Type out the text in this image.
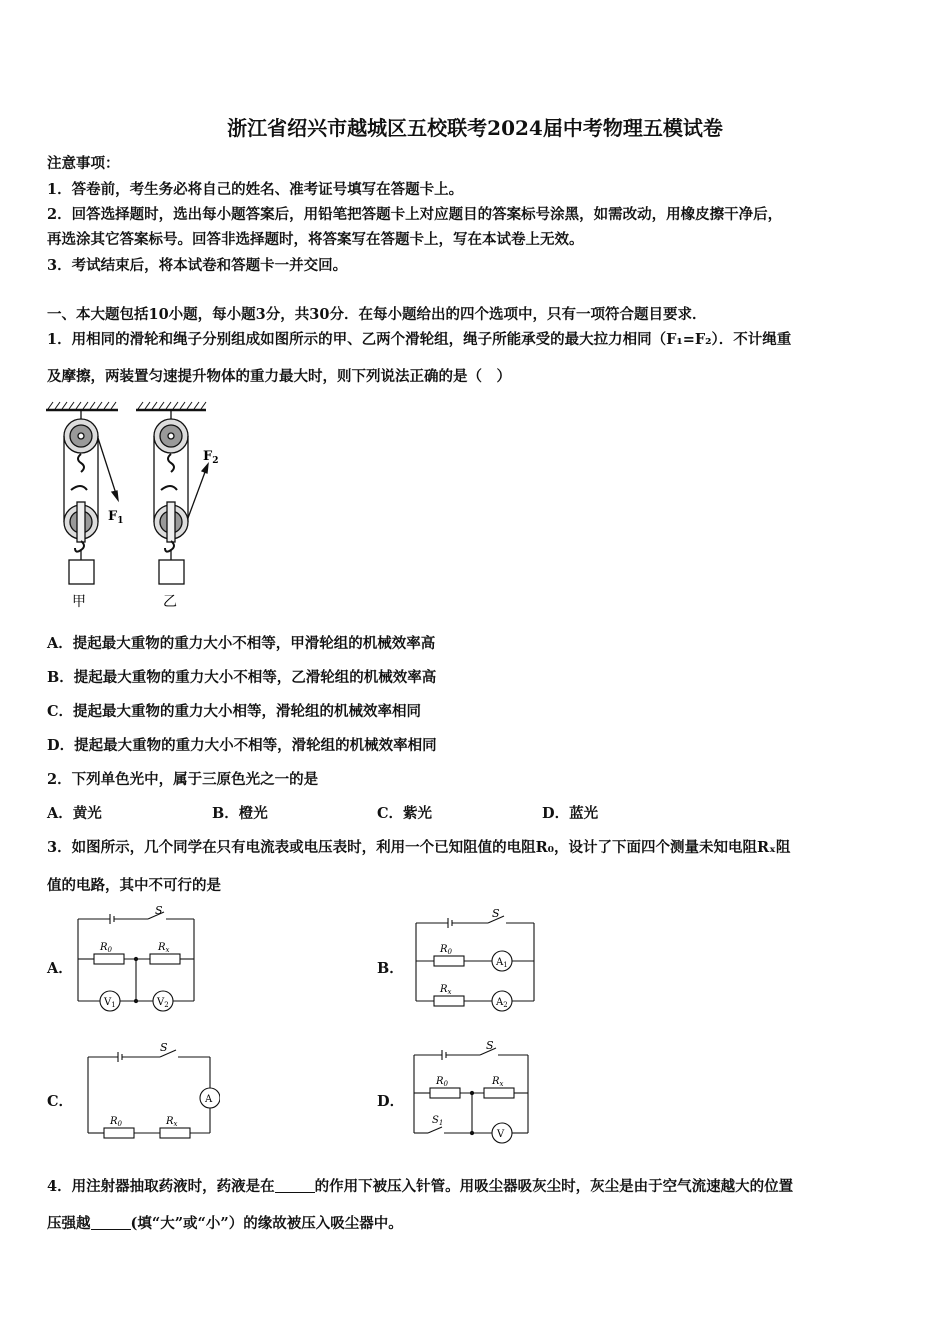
浙江省绍兴市越城区五校联考2024届中考物理五模试卷
注意事项：
1．答卷前，考生务必将自己的姓名、准考证号填写在答题卡上。
2．回答选择题时，选出每小题答案后，用铅笔把答题卡上对应题目的答案标号涂黑，如需改动，用橡皮擦干净后，
再选涂其它答案标号。回答非选择题时，将答案写在答题卡上，写在本试卷上无效。
3．考试结束后，将本试卷和答题卡一并交回。
一、本大题包括10小题，每小题3分，共30分．在每小题给出的四个选项中，只有一项符合题目要求．
1．用相同的滑轮和绳子分别组成如图所示的甲、乙两个滑轮组，绳子所能承受的最大拉力相同（F₁=F₂）．不计绳重
及摩擦，两装置匀速提升物体的重力最大时，则下列说法正确的是（　）
$F_1$
$F_2$
甲	乙
A．提起最大重物的重力大小不相等，甲滑轮组的机械效率高
B．提起最大重物的重力大小不相等，乙滑轮组的机械效率高
C．提起最大重物的重力大小相等，滑轮组的机械效率相同
D．提起最大重物的重力大小不相等，滑轮组的机械效率相同
2．下列单色光中，属于三原色光之一的是
A．黄光	B．橙光	C．紫光	D．蓝光
3．如图所示，几个同学在只有电流表或电压表时，利用一个已知阻值的电阻R₀，设计了下面四个测量未知电阻Rₓ阻
值的电路，其中不可行的是
A．	B．
C．	D．
S
$R_0$	$R_x$
$V_1$	$V_2$
S
$R_0$
$R_x$
$A_1$
$A_2$
S
A
$R_0$	$R_x$
S
$R_0$	$R_x$
$S_1$
V
4．用注射器抽取药液时，药液是在	的作用下被压入针管。用吸尘器吸灰尘时，灰尘是由于空气流速越大的位置
压强越	(填“大”或“小”）的缘故被压入吸尘器中。
